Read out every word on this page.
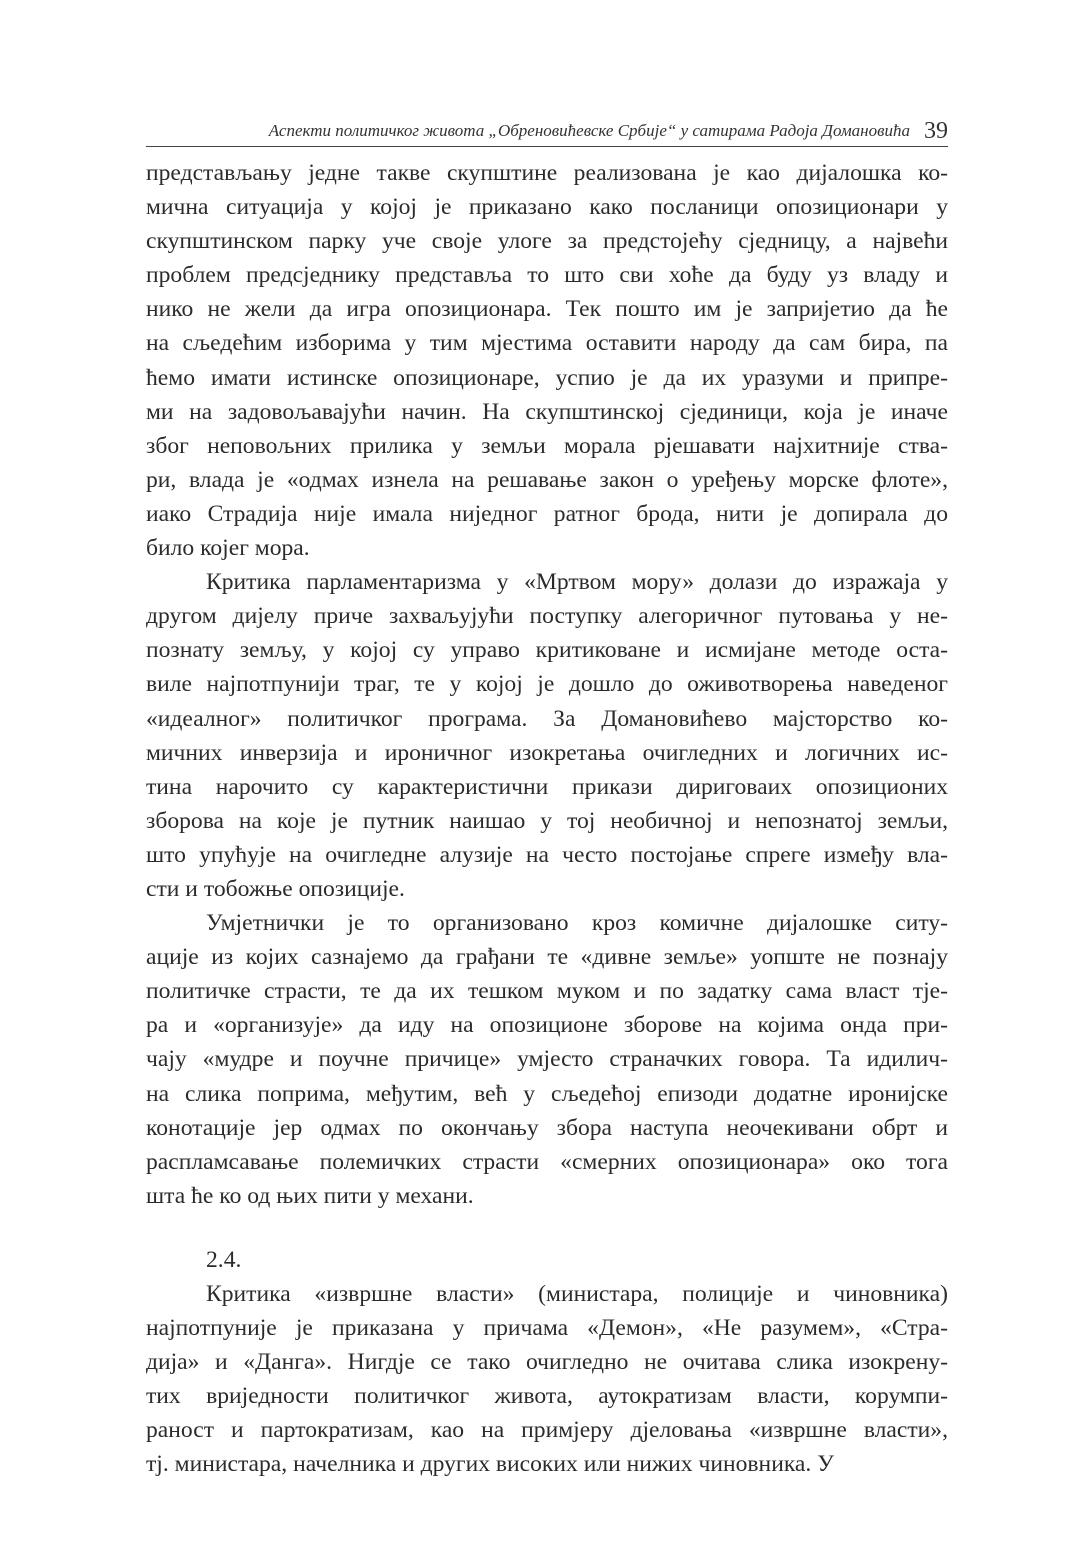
Аспекти политичког живота „Обреновићевске Србије“ у сатирама Радоја Домановића 39
представљању једне такве скупштине реализована је као дијалошка ко-
мична ситуација у којој је приказано како посланици опозиционари у
скупштинском парку уче своје улоге за предстојећу сједницу, а највећи
проблем предсједнику представља то што сви хоће да буду уз владу и
нико не жели да игра опозиционара. Тек пошто им је запријетио да ће
на сљедећим изборима у тим мјестима оставити народу да сам бира, па
ћемо имати истинске опозиционаре, успио је да их уразуми и припре-
ми на задовољавајући начин. На скупштинској сјединици, која је иначе
због неповољних прилика у земљи морала рјешавати најхитније ства-
ри, влада је «одмах изнела на решавање закон о уређењу морске флоте»,
иако Страдија није имала ниједног ратног брода, нити је допирала до
било којег мора.
Критика парламентаризма у «Мртвом мору» долази до изражаја у
другом дијелу приче захваљујући поступку алегоричног путовања у не-
познату земљу, у којој су управо критиковане и исмијане методе оста-
виле најпотпунији траг, те у којој је дошло до оживотворења наведеног
«идеалног» политичког програма. За Домановићево мајсторство ко-
мичних инверзија и ироничног изокретања очигледних и логичних ис-
тина нарочито су карактеристични прикази дириговаих опозиционих
зборова на које је путник наишао у тој необичној и непознатој земљи,
што упућује на очигледне алузије на често постојање спреге између вла-
сти и тобожње опозиције.
Умјетнички је то организовано кроз комичне дијалошке ситу-
ације из којих сазнајемо да грађани те «дивне земље» уопште не познају
политичке страсти, те да их тешком муком и по задатку сама власт тје-
ра и «организује» да иду на опозиционе зборове на којима онда при-
чају «мудре и поучне причице» умјесто страначких говора. Та идилич-
на слика поприма, међутим, већ у сљедећој епизоди додатне иронијске
конотације јер одмах по окончању збора наступа неочекивани обрт и
распламсавање полемичких страсти «смерних опозиционара» око тога
шта ће ко од њих пити у механи.
2.4.
Критика «извршне власти» (министара, полиције и чиновника)
најпотпуније је приказана у причама «Демон», «Не разумем», «Стра-
дија» и «Данга». Нигдје се тако очигледно не очитава слика изокрену-
тих вриједности политичког живота, аутократизам власти, корумпи-
раност и партократизам, као на примјеру дјеловања «извршне власти»,
тј. министара, начелника и других високих или нижих чиновника. У
